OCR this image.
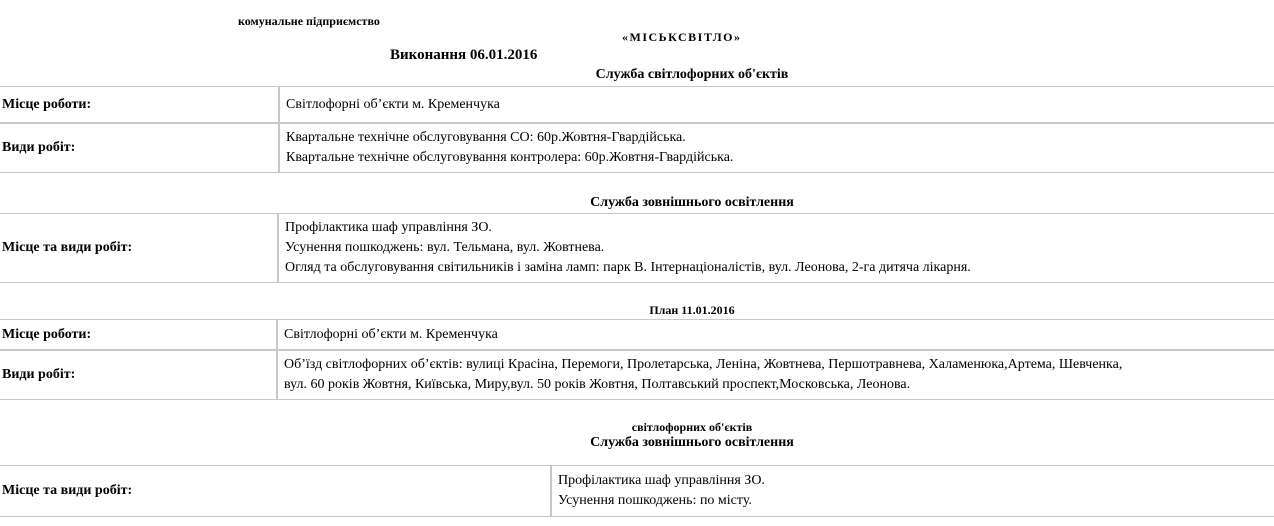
комунальне підприємство
«МІСЬКСВІТЛО»
Виконання 06.01.2016
Служба світлофорних об'єктів
Місце роботи:	Світлофорні об’єкти м. Кременчука

Види робіт:	Квартальне технічне обслуговування СО: 60р.Жовтня-Гвардійська.
Квартальне технічне обслуговування контролера: 60р.Жовтня-Гвардійська.
Служба зовнішнього освітлення
Місце та види робіт:	
Профілактика шаф управління ЗО.
Усунення пошкоджень: вул. Тельмана, вул. Жовтнева.
Огляд та обслуговування світильників і заміна ламп: парк В. Інтернаціоналістів, вул. Леонова, 2-га дитяча лікарня.
План 11.01.2016
Місце роботи:	Світлофорні об’єкти м. Кременчука

Види робіт:	Об’їзд світлофорних об’єктів: вулиці Красіна, Перемоги, Пролетарська, Леніна, Жовтнева, Першотравнева, Халаменюка,Артема, Шевченка,
вул. 60 років Жовтня, Київська, Миру,вул. 50 років Жовтня, Полтавський проспект,Московська, Леонова.
світлофорних об'єктів
Служба зовнішнього освітлення
Місце та види робіт:	
Профілактика шаф управління ЗО.
Усунення пошкоджень: по місту.
